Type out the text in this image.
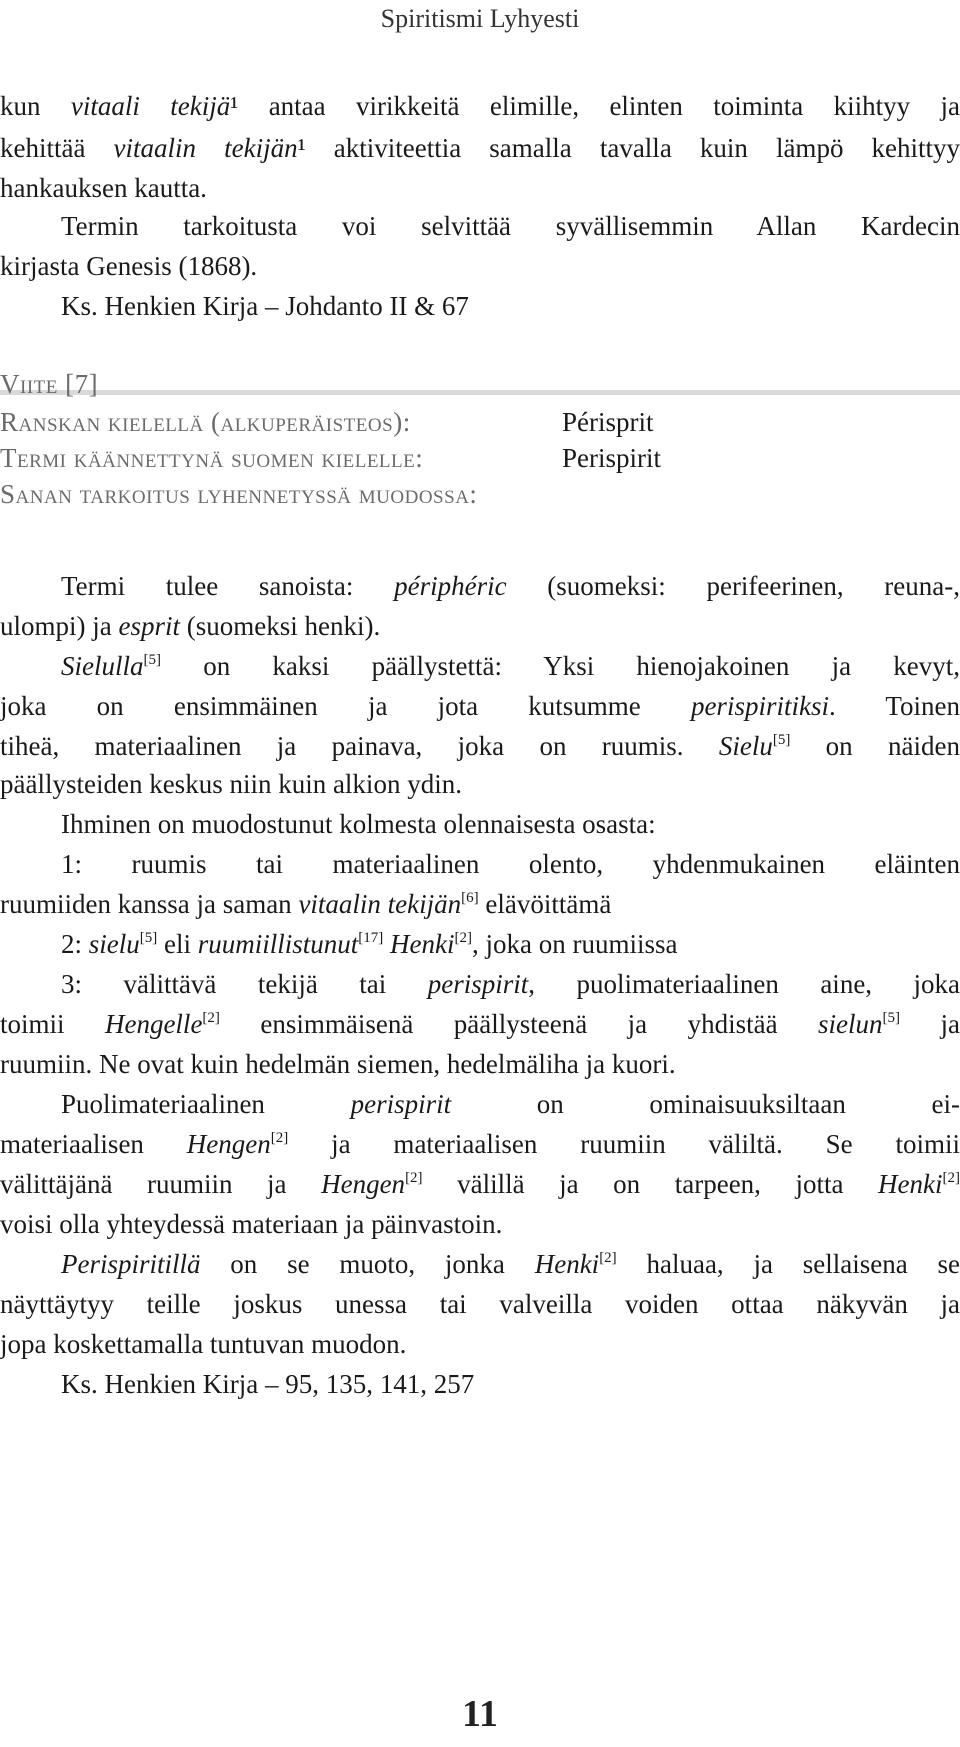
Spiritismi Lyhyesti
kun vitaali tekijä¹ antaa virikkeitä elimille, elinten toiminta kiihtyy ja
kehittää vitaalin tekijän¹ aktiviteettia samalla tavalla kuin lämpö kehittyy
hankauksen kautta.
Termin tarkoitusta voi selvittää syvällisemmin Allan Kardecin
kirjasta Genesis (1868).
Ks. Henkien Kirja – Johdanto II & 67
Viite [7]
Ranskan kielellä (alkuperäisteos):	Périsprit
Termi käännettynä suomen kielelle:	Perispirit
Sanan tarkoitus lyhennetyssä muodossa:
Termi tulee sanoista: périphéric (suomeksi: perifeerinen, reuna-,
ulompi) ja esprit (suomeksi henki).
Sielulla[5] on kaksi päällystettä: Yksi hienojakoinen ja kevyt,
joka on ensimmäinen ja jota kutsumme perispiritiksi. Toinen
tiheä, materiaalinen ja painava, joka on ruumis. Sielu[5] on näiden
päällysteiden keskus niin kuin alkion ydin.
Ihminen on muodostunut kolmesta olennaisesta osasta:
1: ruumis tai materiaalinen olento, yhdenmukainen eläinten
ruumiiden kanssa ja saman vitaalin tekijän[6] elävöittämä
2: sielu[5] eli ruumiillistunut[17] Henki[2], joka on ruumiissa
3: välittävä tekijä tai perispirit, puolimateriaalinen aine, joka
toimii Hengelle[2] ensimmäisenä päällysteenä ja yhdistää sielun[5] ja
ruumiin. Ne ovat kuin hedelmän siemen, hedelmäliha ja kuori.
Puolimateriaalinen perispirit on ominaisuuksiltaan ei-
materiaalisen Hengen[2] ja materiaalisen ruumiin väliltä. Se toimii
välittäjänä ruumiin ja Hengen[2] välillä ja on tarpeen, jotta Henki[2]
voisi olla yhteydessä materiaan ja päinvastoin.
Perispiritillä on se muoto, jonka Henki[2] haluaa, ja sellaisena se
näyttäytyy teille joskus unessa tai valveilla voiden ottaa näkyvän ja
jopa koskettamalla tuntuvan muodon.
Ks. Henkien Kirja – 95, 135, 141, 257
11
